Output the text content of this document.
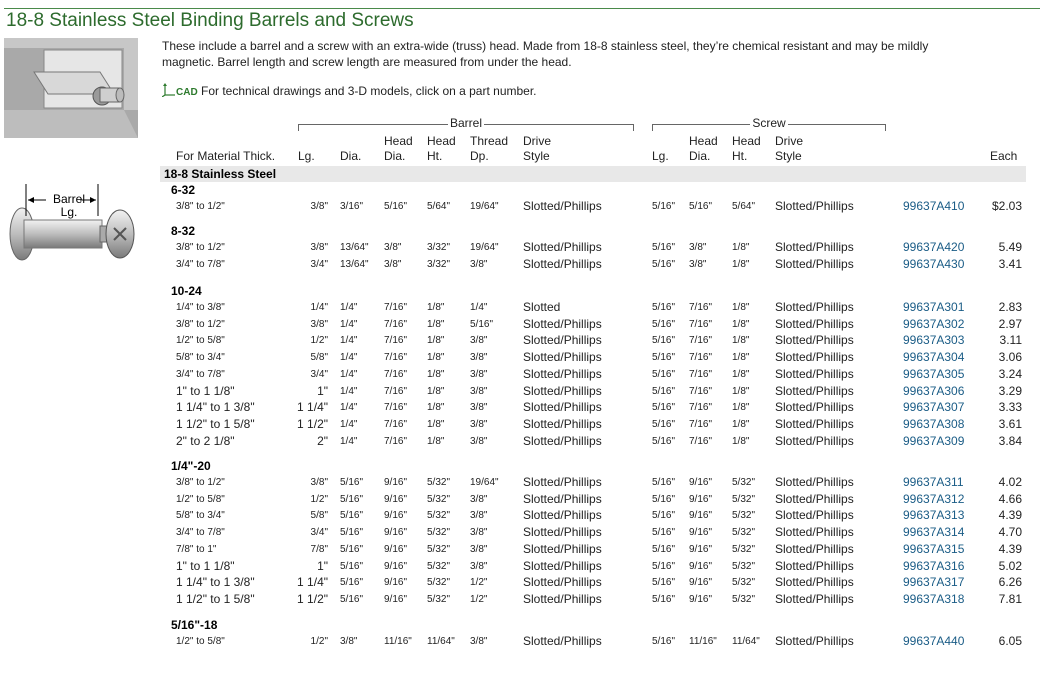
18-8 Stainless Steel Binding Barrels and Screws
Barrel Lg.

These include a barrel and a screw with an extra-wide (truss) head. Made from 18-8 stainless steel, they’re chemical resistant and may be mildly magnetic. Barrel length and screw length are measured from under the head.

CAD For technical drawings and 3-D models, click on a part number.
Barrel	Screw
For Material Thick. Lg. Dia.
Head Dia.
Head Ht.
Thread Dp.
Drive Style	Lg.
Head Dia.
Head Ht.
Drive Style	Each
18-8 Stainless Steel
6-32
3/8" to 1/2"	3/8" 3/16" 5/16" 5/64" 19/64" Slotted/Phillips	5/16" 5/16" 5/64" Slotted/Phillips	99637A410 $2.03
8-32
3/8" to 1/2"	3/8" 13/64" 3/8"	3/32" 19/64" Slotted/Phillips	5/16" 3/8"	1/8" Slotted/Phillips	99637A420	5.49
3/4" to 7/8"	3/4" 13/64" 3/8"	3/32" 3/8"	Slotted/Phillips	5/16" 3/8"	1/8" Slotted/Phillips	99637A430	3.41
10-24
1/4" to 3/8"	1/4" 1/4"	7/16" 1/8"	1/4"	Slotted	5/16" 7/16" 1/8" Slotted/Phillips	99637A301	2.83
3/8" to 1/2"	3/8" 1/4"	7/16" 1/8"	5/16" Slotted/Phillips	5/16" 7/16" 1/8" Slotted/Phillips	99637A302	2.97
1/2" to 5/8"	1/2" 1/4"	7/16" 1/8"	3/8"	Slotted/Phillips	5/16" 7/16" 1/8" Slotted/Phillips	99637A303	3.11
5/8" to 3/4"	5/8" 1/4"	7/16" 1/8"	3/8"	Slotted/Phillips	5/16" 7/16" 1/8" Slotted/Phillips	99637A304	3.06
3/4" to 7/8"	3/4" 1/4"	7/16" 1/8"	3/8"	Slotted/Phillips	5/16" 7/16" 1/8" Slotted/Phillips	99637A305	3.24
1" to 1 1/8"	1" 1/4"	7/16" 1/8"	3/8"	Slotted/Phillips	5/16" 7/16" 1/8" Slotted/Phillips	99637A306	3.29
1 1/4" to 1 3/8"	1 1/4" 1/4"	7/16" 1/8"	3/8"	Slotted/Phillips	5/16" 7/16" 1/8" Slotted/Phillips	99637A307	3.33
1 1/2" to 1 5/8"	1 1/2" 1/4"	7/16" 1/8"	3/8"	Slotted/Phillips	5/16" 7/16" 1/8" Slotted/Phillips	99637A308	3.61
2" to 2 1/8"	2" 1/4"	7/16" 1/8"	3/8"	Slotted/Phillips	5/16" 7/16" 1/8" Slotted/Phillips	99637A309	3.84
1/4"-20
3/8" to 1/2"	3/8" 5/16" 9/16" 5/32" 19/64" Slotted/Phillips	5/16" 9/16" 5/32" Slotted/Phillips	99637A311	4.02
1/2" to 5/8"	1/2" 5/16" 9/16" 5/32" 3/8"	Slotted/Phillips	5/16" 9/16" 5/32" Slotted/Phillips	99637A312	4.66
5/8" to 3/4"	5/8" 5/16" 9/16" 5/32" 3/8"	Slotted/Phillips	5/16" 9/16" 5/32" Slotted/Phillips	99637A313	4.39
3/4" to 7/8"	3/4" 5/16" 9/16" 5/32" 3/8"	Slotted/Phillips	5/16" 9/16" 5/32" Slotted/Phillips	99637A314	4.70
7/8" to 1"	7/8" 5/16" 9/16" 5/32" 3/8"	Slotted/Phillips	5/16" 9/16" 5/32" Slotted/Phillips	99637A315	4.39
1" to 1 1/8"	1" 5/16" 9/16" 5/32" 3/8"	Slotted/Phillips	5/16" 9/16" 5/32" Slotted/Phillips	99637A316	5.02
1 1/4" to 1 3/8"	1 1/4" 5/16" 9/16" 5/32" 1/2"	Slotted/Phillips	5/16" 9/16" 5/32" Slotted/Phillips	99637A317	6.26
1 1/2" to 1 5/8"	1 1/2" 5/16" 9/16" 5/32" 1/2"	Slotted/Phillips	5/16" 9/16" 5/32" Slotted/Phillips	99637A318	7.81
5/16"-18
1/2" to 5/8"	1/2" 3/8"	11/16" 11/64" 3/8"	Slotted/Phillips	5/16" 11/16" 11/64" Slotted/Phillips	99637A440	6.05
